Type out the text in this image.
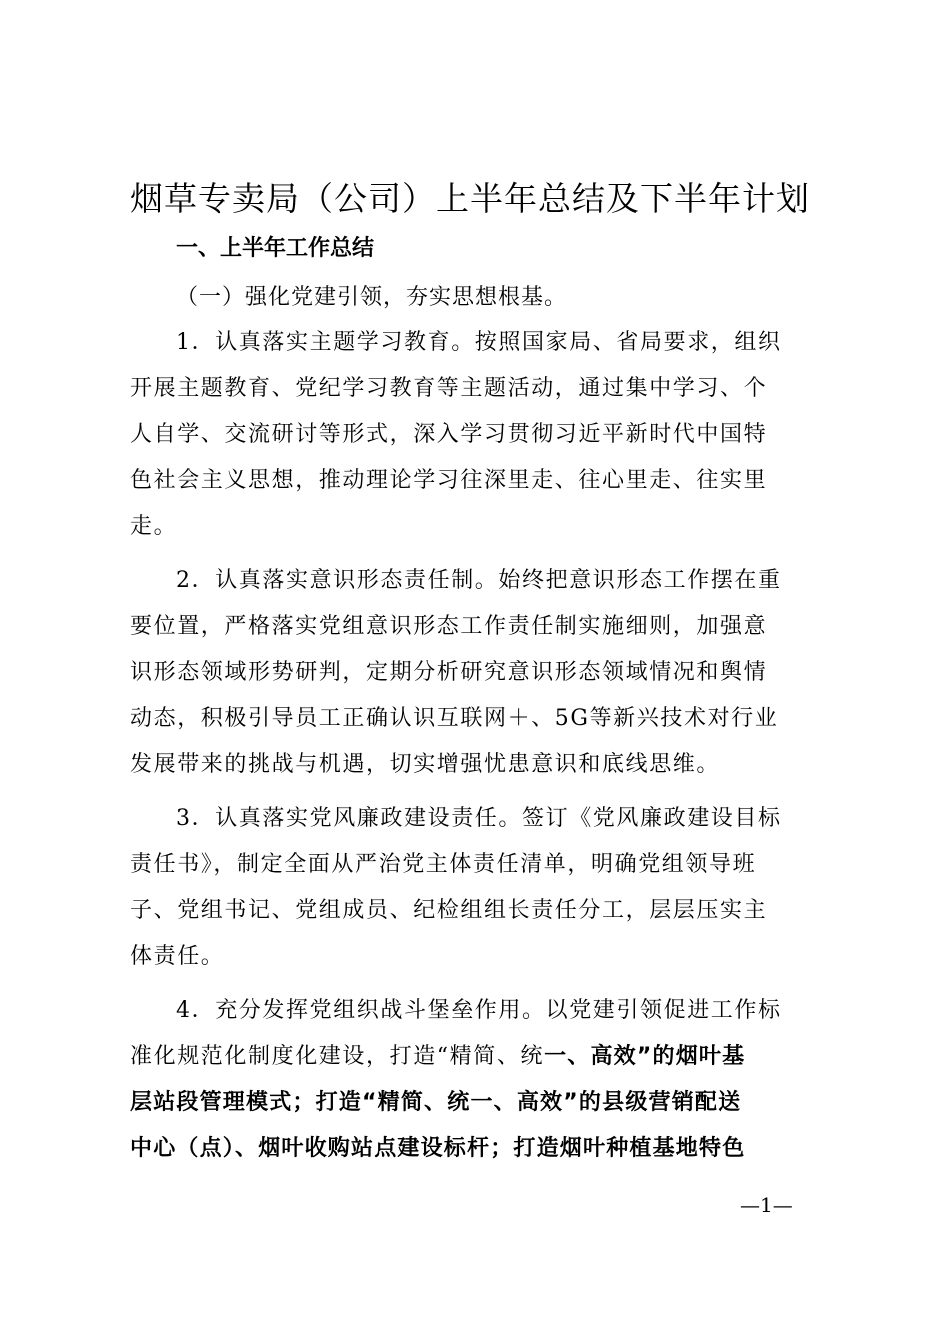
烟草专卖局（公司）上半年总结及下半年计划
一、上半年工作总结
（一）强化党建引领，夯实思想根基。
1．认真落实主题学习教育。按照国家局、省局要求，组织
开展主题教育、党纪学习教育等主题活动，通过集中学习、个
人自学、交流研讨等形式，深入学习贯彻习近平新时代中国特
色社会主义思想，推动理论学习往深里走、往心里走、往实里
走。
2．认真落实意识形态责任制。始终把意识形态工作摆在重
要位置，严格落实党组意识形态工作责任制实施细则，加强意
识形态领域形势研判，定期分析研究意识形态领域情况和舆情
动态，积极引导员工正确认识互联网＋、5G等新兴技术对行业
发展带来的挑战与机遇，切实增强忧患意识和底线思维。
3．认真落实党风廉政建设责任。签订《党风廉政建设目标
责任书》，制定全面从严治党主体责任清单，明确党组领导班
子、党组书记、党组成员、纪检组组长责任分工，层层压实主
体责任。
4．充分发挥党组织战斗堡垒作用。以党建引领促进工作标
准化规范化制度化建设，打造“精简、统一、高效”的烟叶基
层站段管理模式；打造“精简、统一、高效”的县级营销配送
中心（点）、烟叶收购站点建设标杆；打造烟叶种植基地特色
—1—
